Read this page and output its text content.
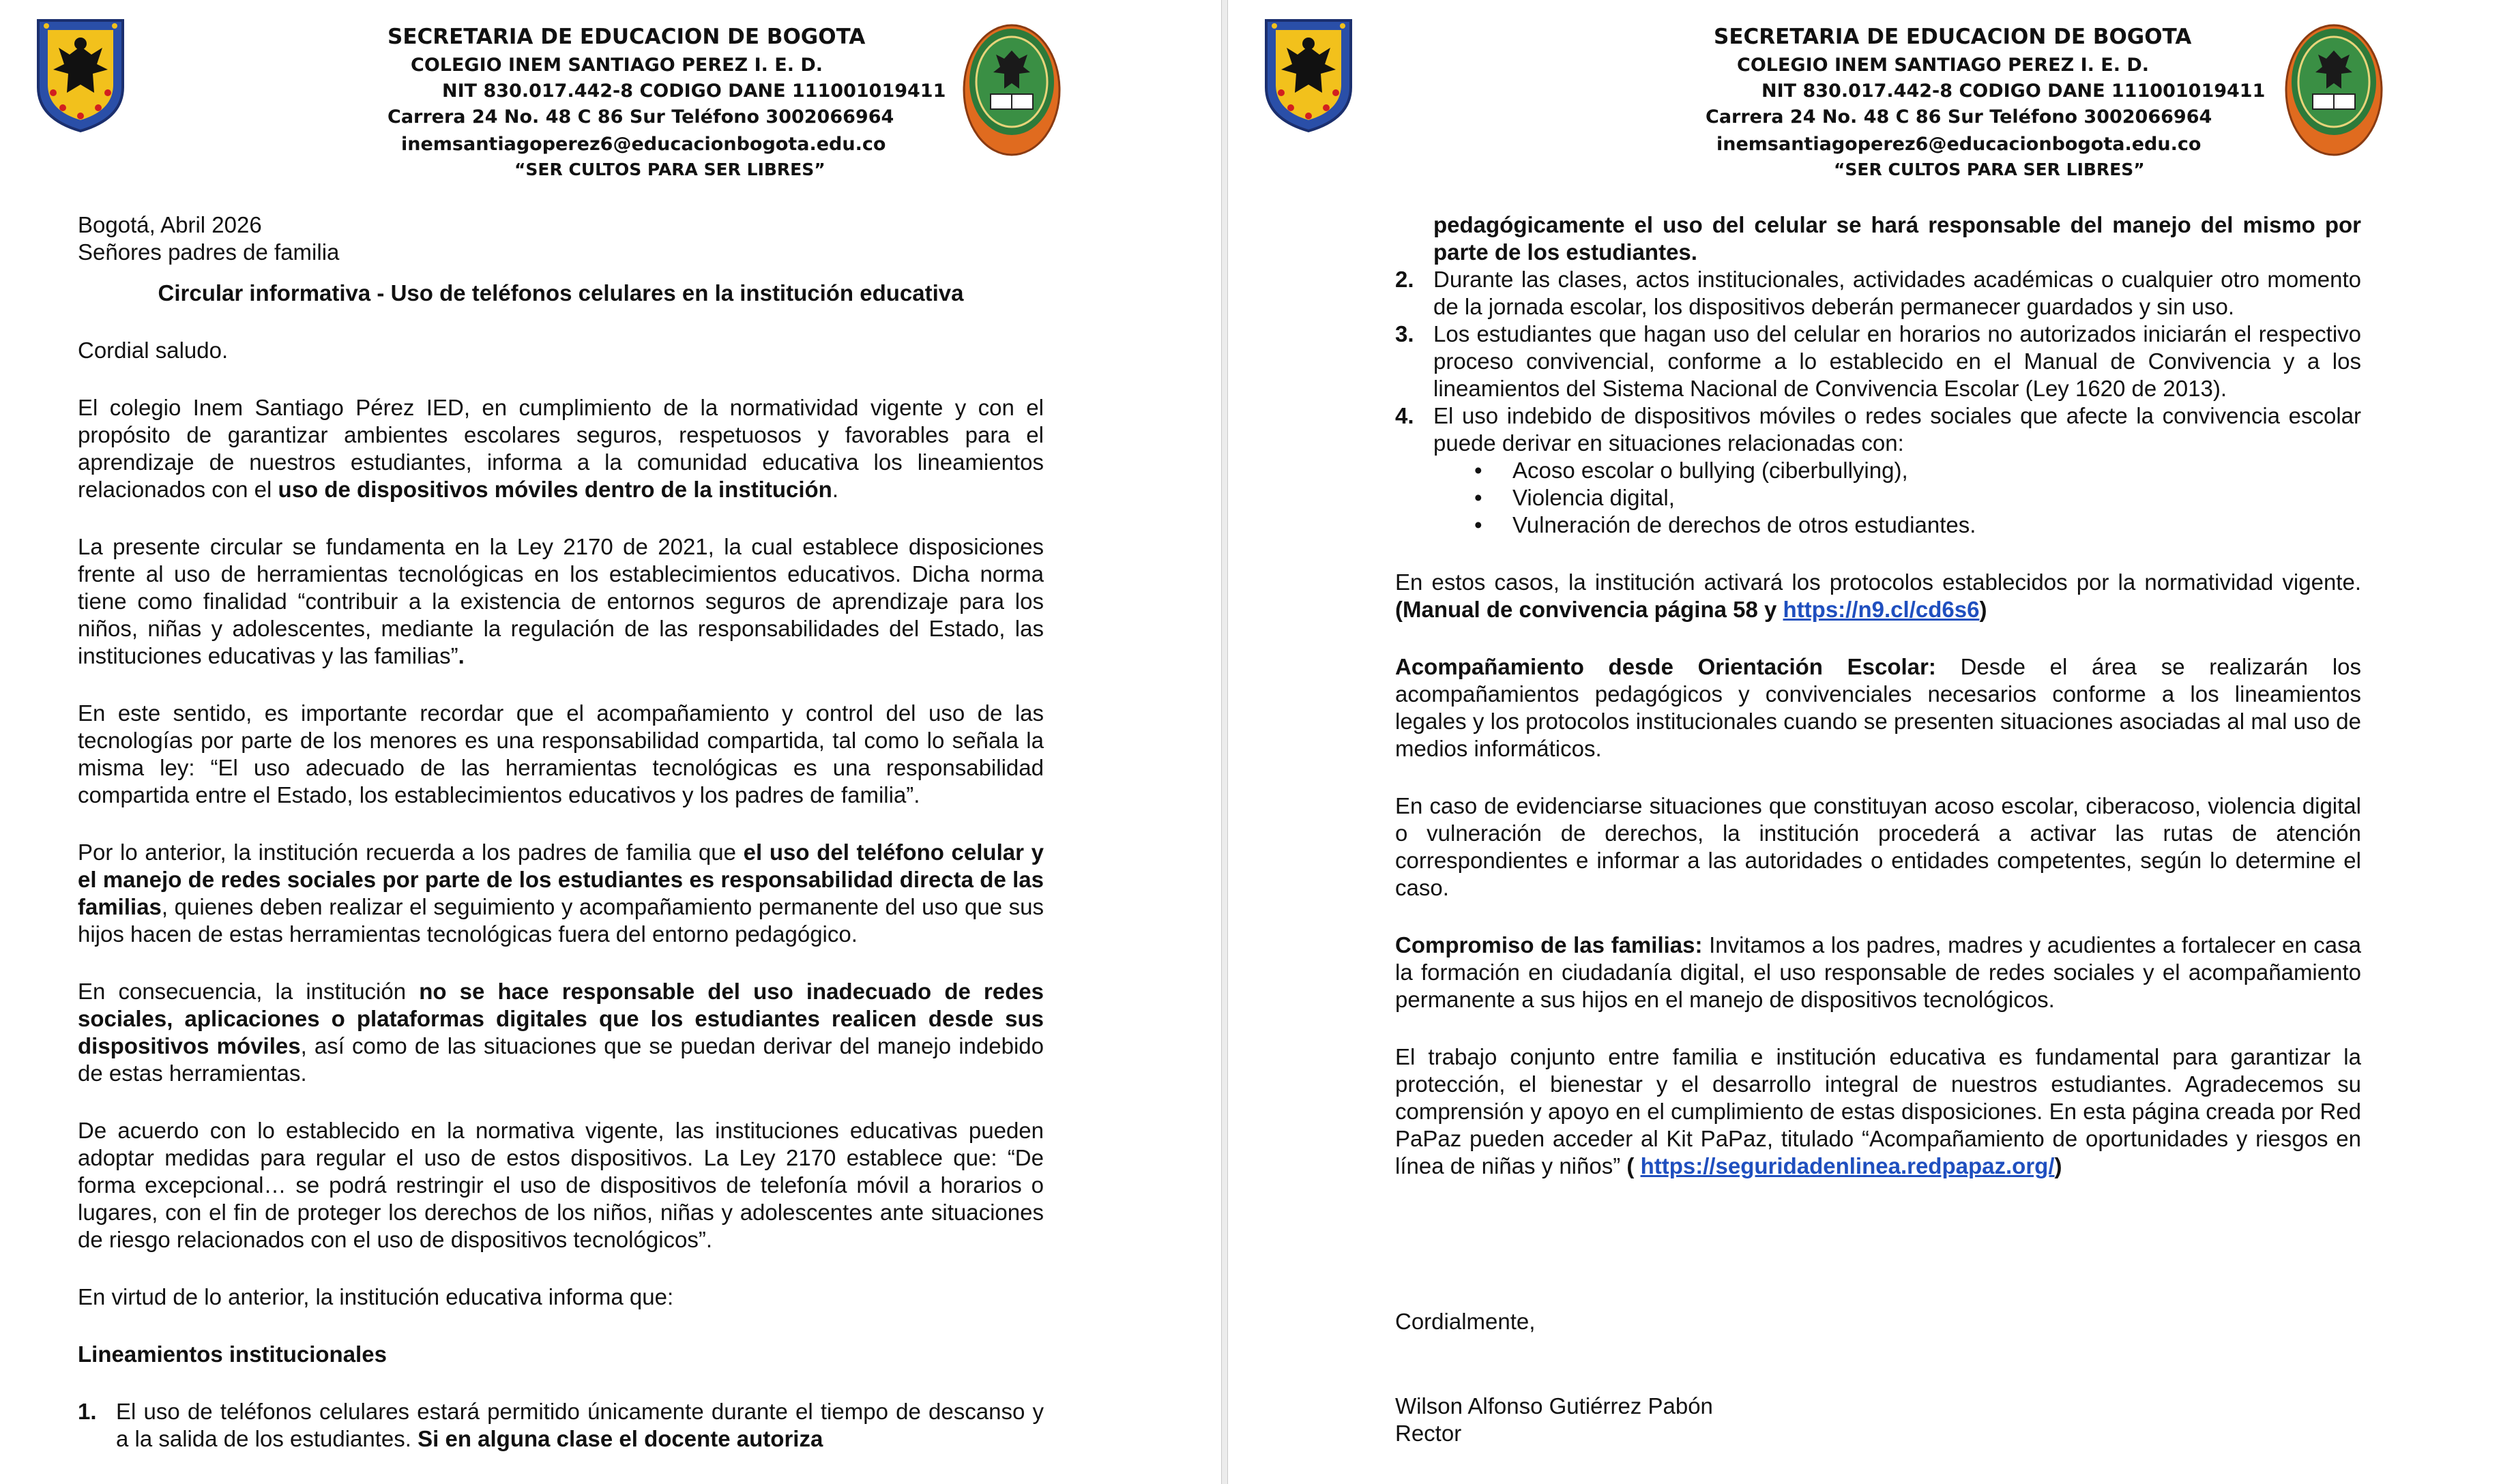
SECRETARIA DE EDUCACION DE BOGOTA
COLEGIO INEM SANTIAGO PEREZ I. E. D.
NIT 830.017.442-8 CODIGO DANE 111001019411
Carrera 24 No. 48 C 86 Sur Teléfono 3002066964
inemsantiagoperez6@educacionbogota.edu.co
“SER CULTOS PARA SER LIBRES”

Bogotá, Abril 2026

Señores padres de familia

Circular informativa - Uso de teléfonos celulares en la institución educativa

Cordial saludo.

El colegio Inem Santiago Pérez IED, en cumplimiento de la normatividad vigente y con el propósito de garantizar ambientes escolares seguros, respetuosos y favorables para el aprendizaje de nuestros estudiantes, informa a la comunidad educativa los lineamientos relacionados con el uso de dispositivos móviles dentro de la institución.

La presente circular se fundamenta en la Ley 2170 de 2021, la cual establece disposiciones frente al uso de herramientas tecnológicas en los establecimientos educativos. Dicha norma tiene como finalidad “contribuir a la existencia de entornos seguros de aprendizaje para los niños, niñas y adolescentes, mediante la regulación de las responsabilidades del Estado, las instituciones educativas y las familias”.

En este sentido, es importante recordar que el acompañamiento y control del uso de las tecnologías por parte de los menores es una responsabilidad compartida, tal como lo señala la misma ley: “El uso adecuado de las herramientas tecnológicas es una responsabilidad compartida entre el Estado, los establecimientos educativos y los padres de familia”.

Por lo anterior, la institución recuerda a los padres de familia que el uso del teléfono celular y el manejo de redes sociales por parte de los estudiantes es responsabilidad directa de las familias, quienes deben realizar el seguimiento y acompañamiento permanente del uso que sus hijos hacen de estas herramientas tecnológicas fuera del entorno pedagógico.

En consecuencia, la institución no se hace responsable del uso inadecuado de redes sociales, aplicaciones o plataformas digitales que los estudiantes realicen desde sus dispositivos móviles, así como de las situaciones que se puedan derivar del manejo indebido de estas herramientas.

De acuerdo con lo establecido en la normativa vigente, las instituciones educativas pueden adoptar medidas para regular el uso de estos dispositivos. La Ley 2170 establece que: “De forma excepcional… se podrá restringir el uso de dispositivos de telefonía móvil a horarios o lugares, con el fin de proteger los derechos de los niños, niñas y adolescentes ante situaciones de riesgo relacionados con el uso de dispositivos tecnológicos”.

En virtud de lo anterior, la institución educativa informa que:

Lineamientos institucionales

1. El uso de teléfonos celulares estará permitido únicamente durante el tiempo de descanso y a la salida de los estudiantes. Si en alguna clase el docente autoriza
SECRETARIA DE EDUCACION DE BOGOTA
COLEGIO INEM SANTIAGO PEREZ I. E. D.
NIT 830.017.442-8 CODIGO DANE 111001019411
Carrera 24 No. 48 C 86 Sur Teléfono 3002066964
inemsantiagoperez6@educacionbogota.edu.co
“SER CULTOS PARA SER LIBRES”
pedagógicamente el uso del celular se hará responsable del manejo del mismo por parte de los estudiantes.
2. Durante las clases, actos institucionales, actividades académicas o cualquier otro momento de la jornada escolar, los dispositivos deberán permanecer guardados y sin uso.
3. Los estudiantes que hagan uso del celular en horarios no autorizados iniciarán el respectivo proceso convivencial, conforme a lo establecido en el Manual de Convivencia y a los lineamientos del Sistema Nacional de Convivencia Escolar (Ley 1620 de 2013).
4. El uso indebido de dispositivos móviles o redes sociales que afecte la convivencia escolar puede derivar en situaciones relacionadas con:
• Acoso escolar o bullying (ciberbullying),
• Violencia digital,
• Vulneración de derechos de otros estudiantes.

En estos casos, la institución activará los protocolos establecidos por la normatividad vigente. (Manual de convivencia página 58 y https://n9.cl/cd6s6)

Acompañamiento desde Orientación Escolar: Desde el área se realizarán los acompañamientos pedagógicos y convivenciales necesarios conforme a los lineamientos legales y los protocolos institucionales cuando se presenten situaciones asociadas al mal uso de medios informáticos.

En caso de evidenciarse situaciones que constituyan acoso escolar, ciberacoso, violencia digital o vulneración de derechos, la institución procederá a activar las rutas de atención correspondientes e informar a las autoridades o entidades competentes, según lo determine el caso.

Compromiso de las familias: Invitamos a los padres, madres y acudientes a fortalecer en casa la formación en ciudadanía digital, el uso responsable de redes sociales y el acompañamiento permanente a sus hijos en el manejo de dispositivos tecnológicos.

El trabajo conjunto entre familia e institución educativa es fundamental para garantizar la protección, el bienestar y el desarrollo integral de nuestros estudiantes. Agradecemos su comprensión y apoyo en el cumplimiento de estas disposiciones. En esta página creada por Red PaPaz pueden acceder al Kit PaPaz, titulado “Acompañamiento de oportunidades y riesgos en línea de niñas y niños” ( https://seguridadenlinea.redpapaz.org/)

Cordialmente,

Wilson Alfonso Gutiérrez Pabón

Rector
